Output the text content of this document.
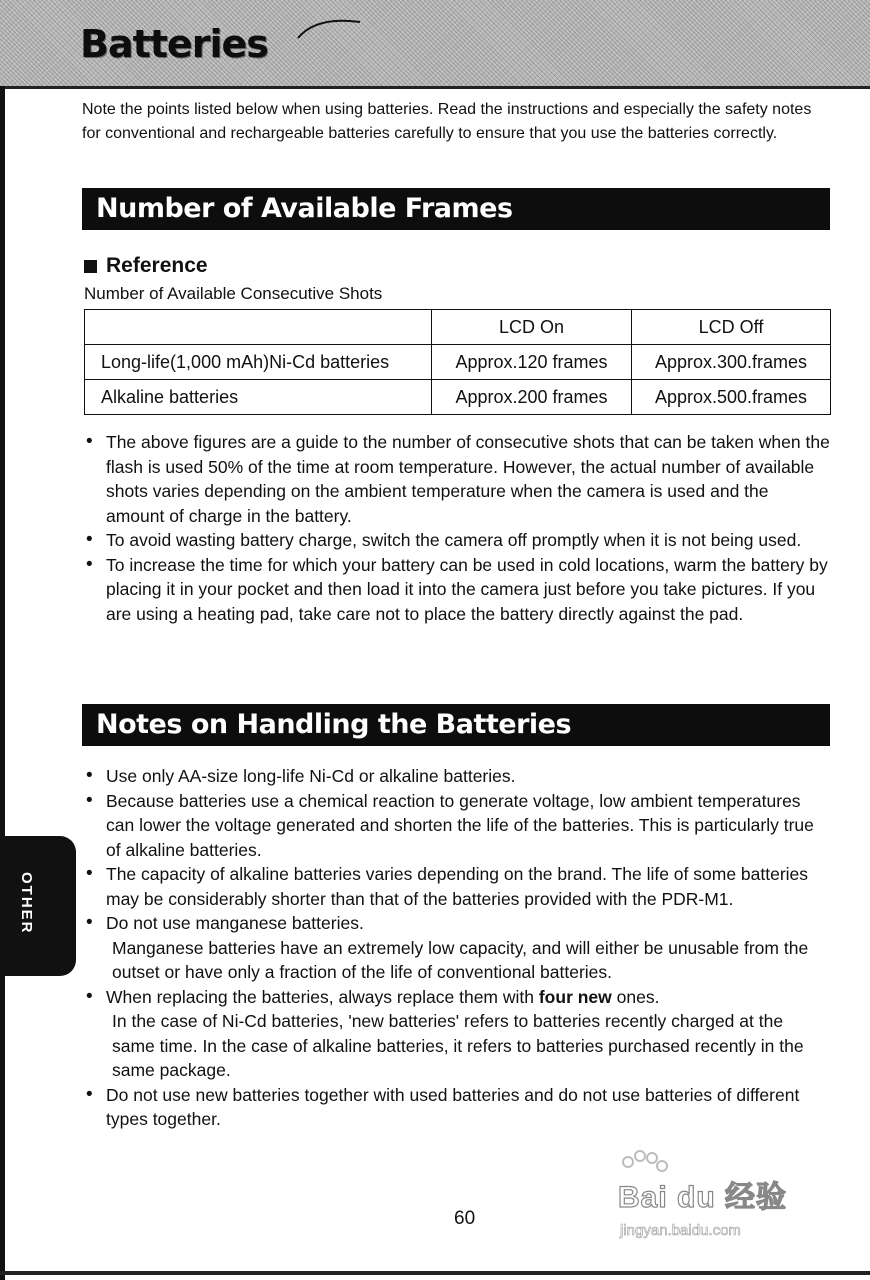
Batteries

Note the points listed below when using batteries. Read the instructions and especially the safety notes for conventional and rechargeable batteries carefully to ensure that you use the batteries correctly.

Number of Available Frames
Reference
Number of Available Consecutive Shots
	LCD On	LCD Off
Long-life(1,000 mAh)Ni-Cd batteries	Approx.120 frames	Approx.300.frames
Alkaline batteries	Approx.200 frames	Approx.500.frames
• The above figures are a guide to the number of consecutive shots that can be taken when the flash is used 50% of the time at room temperature. However, the actual number of available shots varies depending on the ambient temperature when the camera is used and the amount of charge in the battery.
• To avoid wasting battery charge, switch the camera off promptly when it is not being used.
• To increase the time for which your battery can be used in cold locations, warm the battery by placing it in your pocket and then load it into the camera just before you take pictures. If you are using a heating pad, take care not to place the battery directly against the pad.
Notes on Handling the Batteries
• Use only AA-size long-life Ni-Cd or alkaline batteries.
• Because batteries use a chemical reaction to generate voltage, low ambient temperatures can lower the voltage generated and shorten the life of the batteries. This is particularly true of alkaline batteries.
• The capacity of alkaline batteries varies depending on the brand. The life of some batteries may be considerably shorter than that of the batteries provided with the PDR-M1.
• Do not use manganese batteries.
Manganese batteries have an extremely low capacity, and will either be unusable from the outset or have only a fraction of the life of conventional batteries.
• When replacing the batteries, always replace them with four new ones.
In the case of Ni-Cd batteries, 'new batteries' refers to batteries recently charged at the same time. In the case of alkaline batteries, it refers to batteries purchased recently in the same package.
• Do not use new batteries together with used batteries and do not use batteries of different types together.
OTHER
60
Bai du 经验
jingyan.baidu.com
